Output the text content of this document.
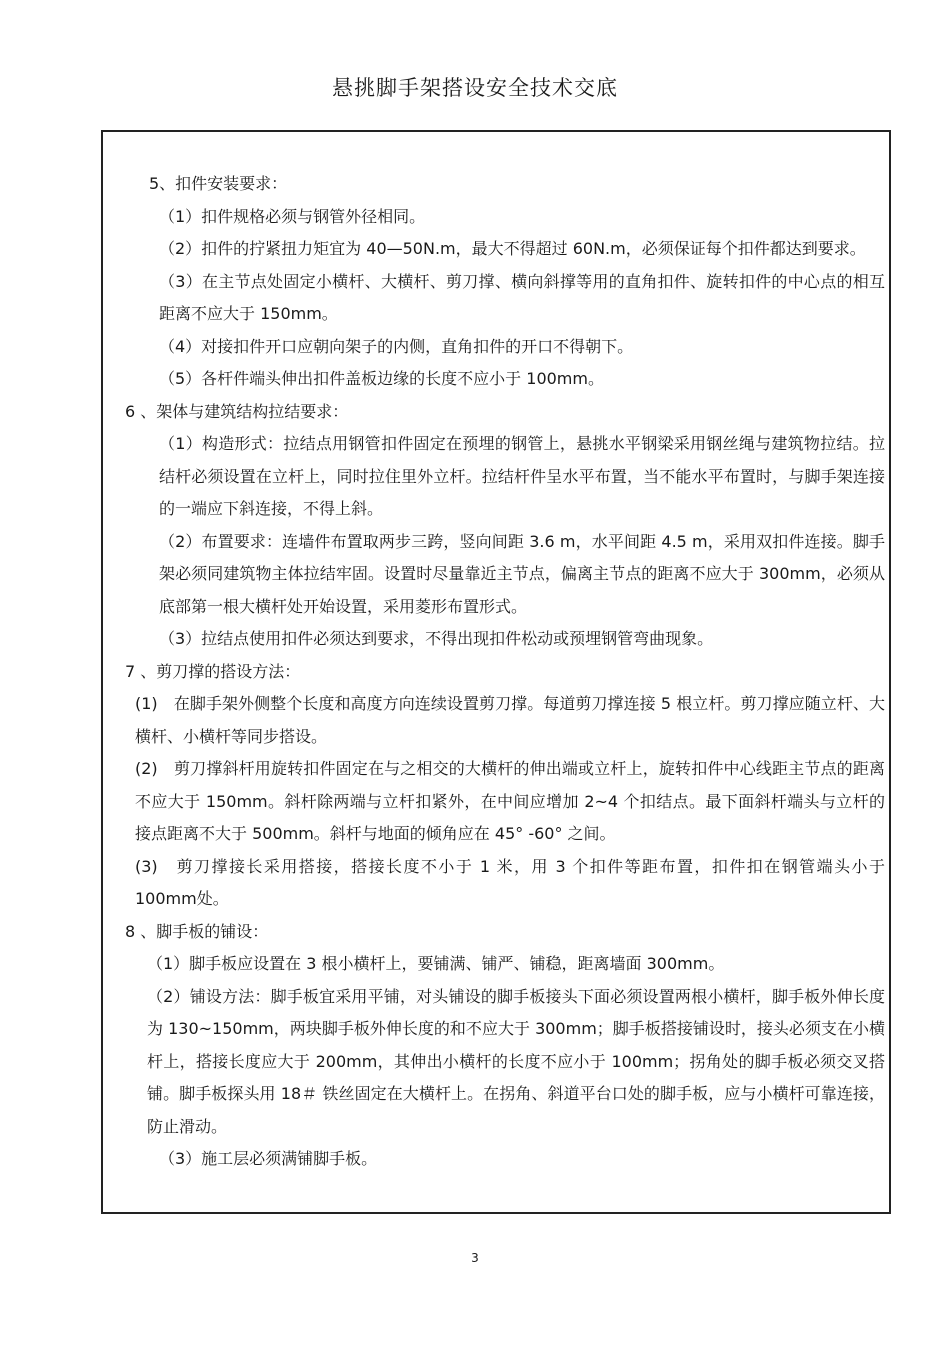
悬挑脚手架搭设安全技术交底

5、扣件安装要求：

（1）扣件规格必须与钢管外径相同。

（2）扣件的拧紧扭力矩宜为 40—50N.m，最大不得超过 60N.m，必须保证每个扣件都达到要求。

（3）在主节点处固定小横杆、大横杆、剪刀撑、横向斜撑等用的直角扣件、旋转扣件的中心点的相互距离不应大于 150mm。

（4）对接扣件开口应朝向架子的内侧，直角扣件的开口不得朝下。

（5）各杆件端头伸出扣件盖板边缘的长度不应小于 100mm。

6 、架体与建筑结构拉结要求：

（1）构造形式：拉结点用钢管扣件固定在预埋的钢管上，悬挑水平钢梁采用钢丝绳与建筑物拉结。拉结杆必须设置在立杆上，同时拉住里外立杆。拉结杆件呈水平布置，当不能水平布置时，与脚手架连接的一端应下斜连接，不得上斜。

（2）布置要求：连墙件布置取两步三跨，竖向间距 3.6 m，水平间距 4.5 m，采用双扣件连接。脚手架必须同建筑物主体拉结牢固。设置时尽量靠近主节点，偏离主节点的距离不应大于 300mm，必须从底部第一根大横杆处开始设置，采用菱形布置形式。

（3）拉结点使用扣件必须达到要求，不得出现扣件松动或预埋钢管弯曲现象。

7 、剪刀撑的搭设方法：

(1)　在脚手架外侧整个长度和高度方向连续设置剪刀撑。每道剪刀撑连接 5 根立杆。剪刀撑应随立杆、大横杆、小横杆等同步搭设。

(2)　剪刀撑斜杆用旋转扣件固定在与之相交的大横杆的伸出端或立杆上，旋转扣件中心线距主节点的距离不应大于 150mm。斜杆除两端与立杆扣紧外，在中间应增加 2~4 个扣结点。最下面斜杆端头与立杆的接点距离不大于 500mm。斜杆与地面的倾角应在 45° -60° 之间。

(3)　剪刀撑接长采用搭接，搭接长度不小于 1 米，用 3 个扣件等距布置，扣件扣在钢管端头小于 100mm处。

8 、脚手板的铺设：

（1）脚手板应设置在 3 根小横杆上，要铺满、铺严、铺稳，距离墙面 300mm。

（2）铺设方法：脚手板宜采用平铺，对头铺设的脚手板接头下面必须设置两根小横杆，脚手板外伸长度为 130~150mm，两块脚手板外伸长度的和不应大于 300mm；脚手板搭接铺设时，接头必须支在小横杆上，搭接长度应大于 200mm，其伸出小横杆的长度不应小于 100mm；拐角处的脚手板必须交叉搭铺。脚手板探头用 18＃ 铁丝固定在大横杆上。在拐角、斜道平台口处的脚手板，应与小横杆可靠连接，防止滑动。

（3）施工层必须满铺脚手板。

3
